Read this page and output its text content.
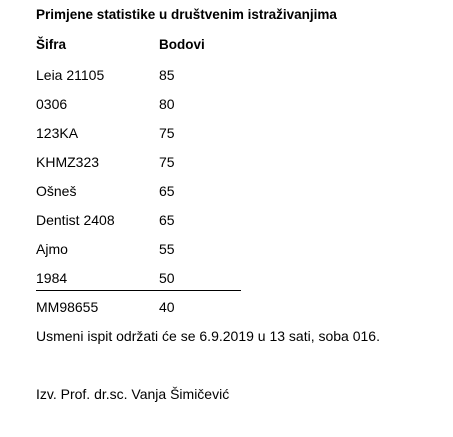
Primjene statistike u društvenim istraživanjima
Šifra	Bodovi
Leia 21105	85
0306	80
123KA	75
KHMZ323	75
Ošneš	65
Dentist 2408	65
Ajmo	55
1984	50
MM98655	40
Usmeni ispit održati će se 6.9.2019 u 13 sati, soba 016.
Izv. Prof. dr.sc. Vanja Šimičević
